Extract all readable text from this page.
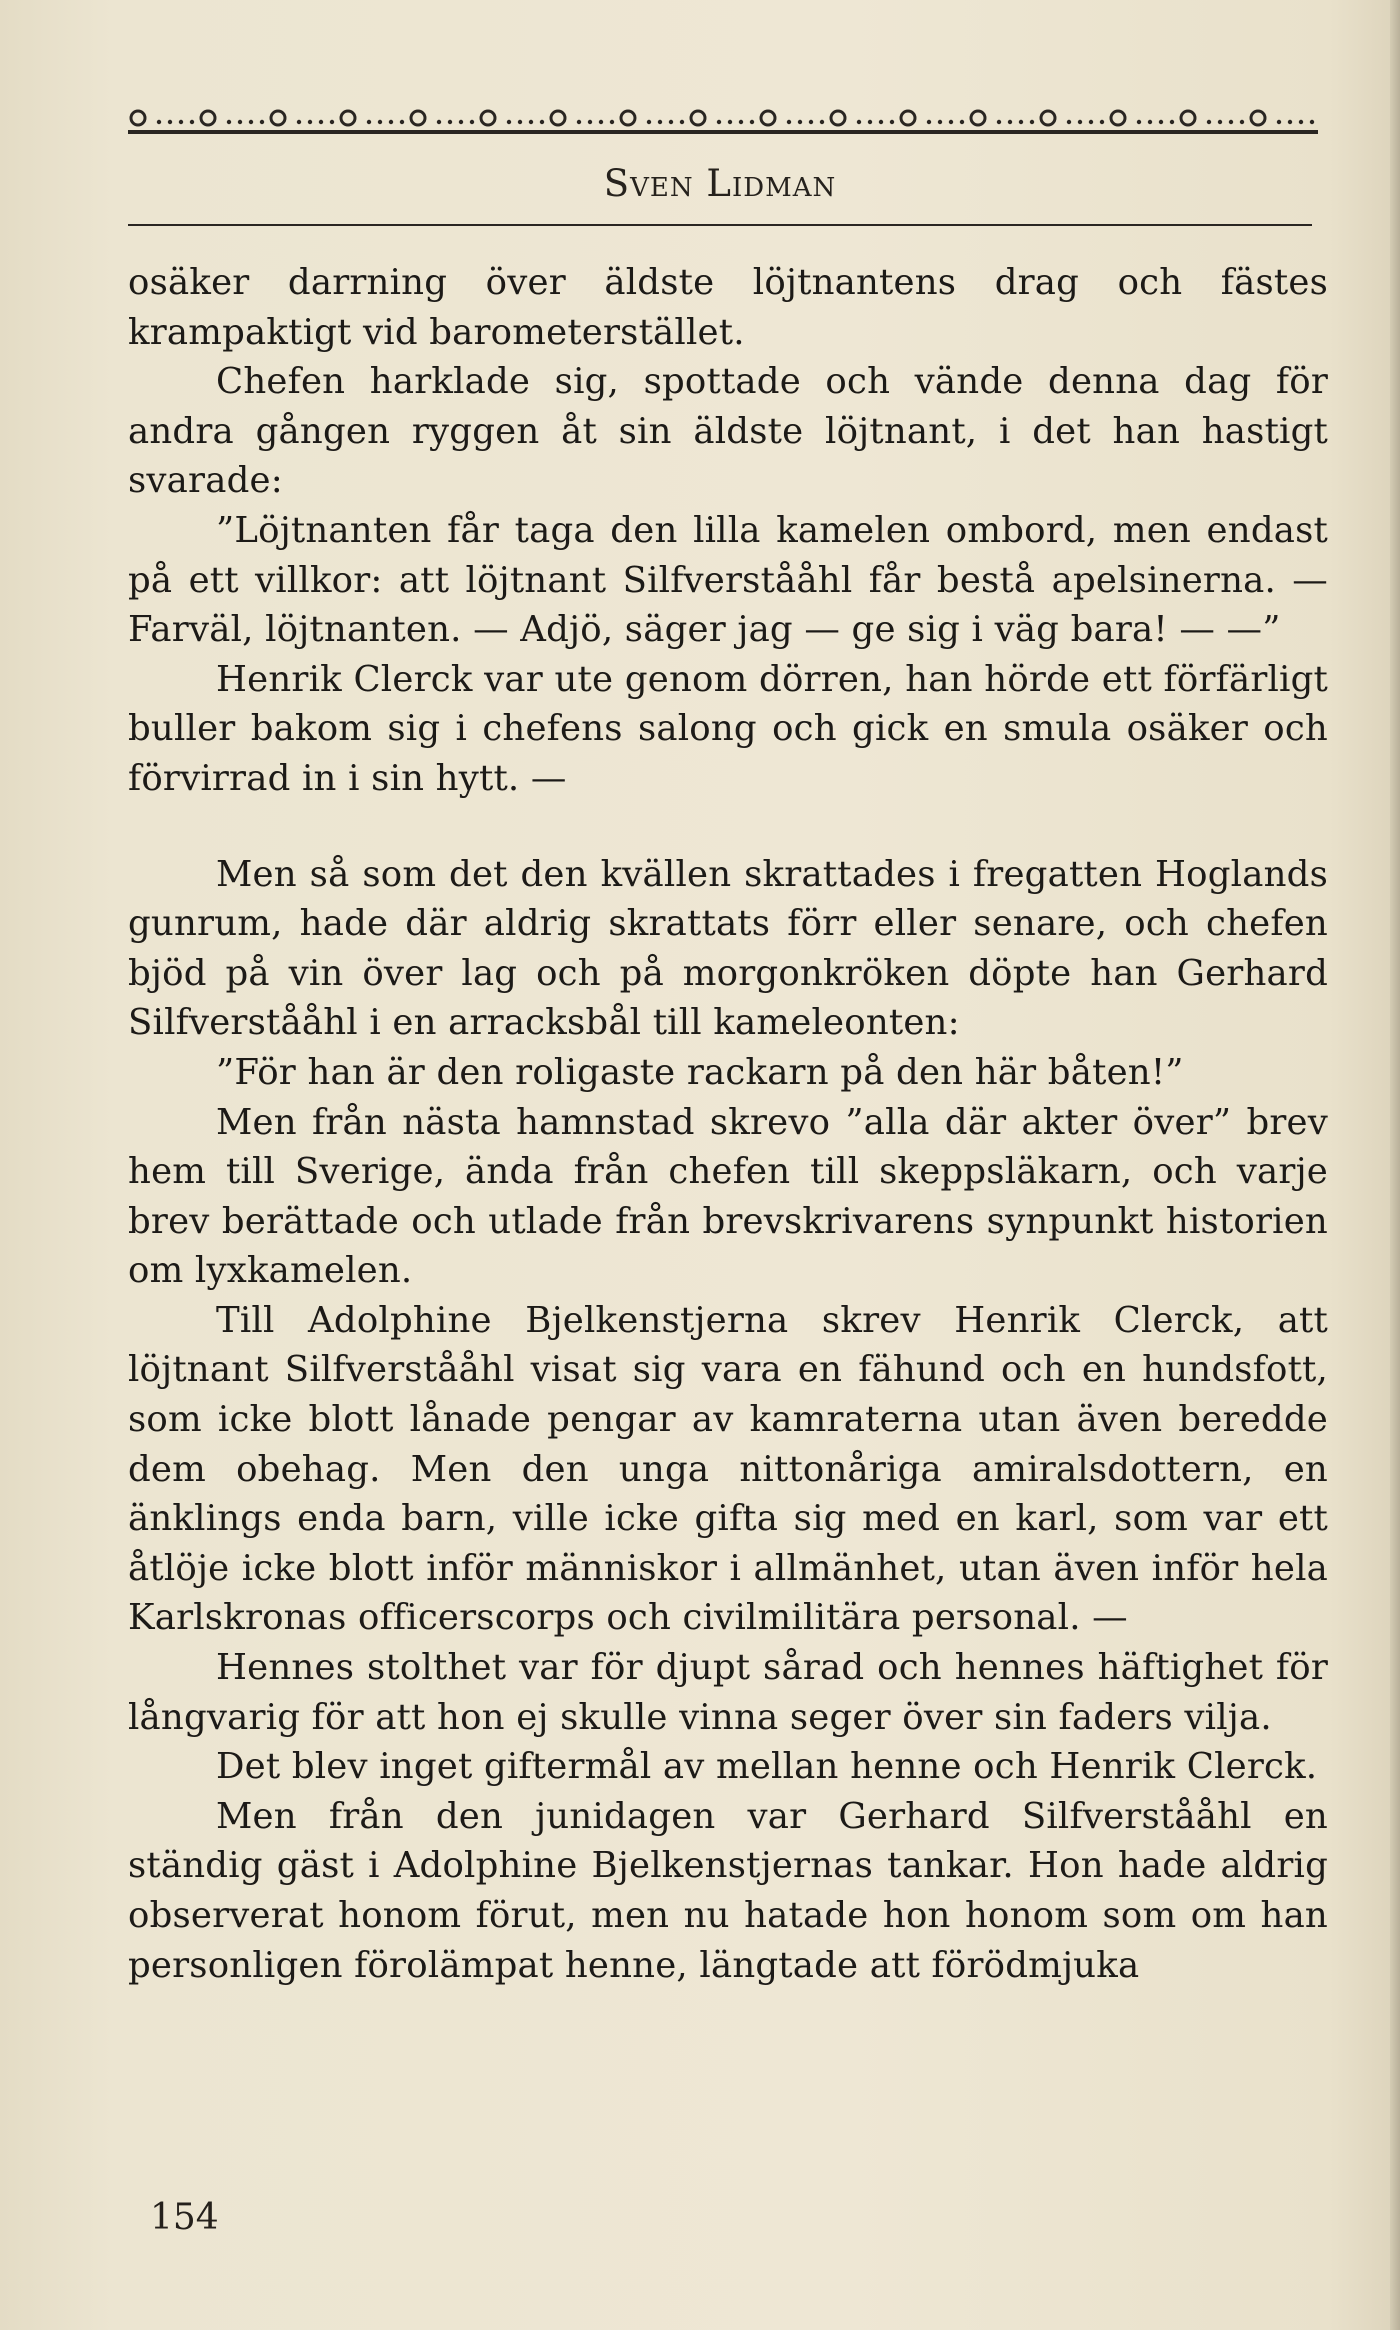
Sven Lidman

osäker darrning över äldste löjtnantens drag och fästes krampaktigt vid barometerstället.

Chefen harklade sig, spottade och vände denna dag för andra gången ryggen åt sin äldste löjtnant, i det han hastigt svarade:

”Löjtnanten får taga den lilla kamelen ombord, men endast på ett villkor: att löjtnant Silfverstååhl får bestå apelsinerna. — Farväl, löjtnanten. — Adjö, säger jag — ge sig i väg bara! — —”

Henrik Clerck var ute genom dörren, han hörde ett förfärligt buller bakom sig i chefens salong och gick en smula osäker och förvirrad in i sin hytt. —

Men så som det den kvällen skrattades i fregatten Hoglands gunrum, hade där aldrig skrattats förr eller senare, och chefen bjöd på vin över lag och på morgonkröken döpte han Gerhard Silfverstååhl i en arracksbål till kameleonten:

”För han är den roligaste rackarn på den här båten!”

Men från nästa hamnstad skrevo ”alla där akter över” brev hem till Sverige, ända från chefen till skeppsläkarn, och varje brev berättade och utlade från brevskrivarens synpunkt historien om lyxkamelen.

Till Adolphine Bjelkenstjerna skrev Henrik Clerck, att löjtnant Silfverstååhl visat sig vara en fähund och en hundsfott, som icke blott lånade pengar av kamraterna utan även beredde dem obehag. Men den unga nittonåriga amiralsdottern, en änklings enda barn, ville icke gifta sig med en karl, som var ett åtlöje icke blott inför människor i allmänhet, utan även inför hela Karlskronas officerscorps och civilmilitära personal. —

Hennes stolthet var för djupt sårad och hennes häftighet för långvarig för att hon ej skulle vinna seger över sin faders vilja.

Det blev inget giftermål av mellan henne och Henrik Clerck.

Men från den junidagen var Gerhard Silfverstååhl en ständig gäst i Adolphine Bjelkenstjernas tankar. Hon hade aldrig observerat honom förut, men nu hatade hon honom som om han personligen förolämpat henne, längtade att förödmjuka

154
